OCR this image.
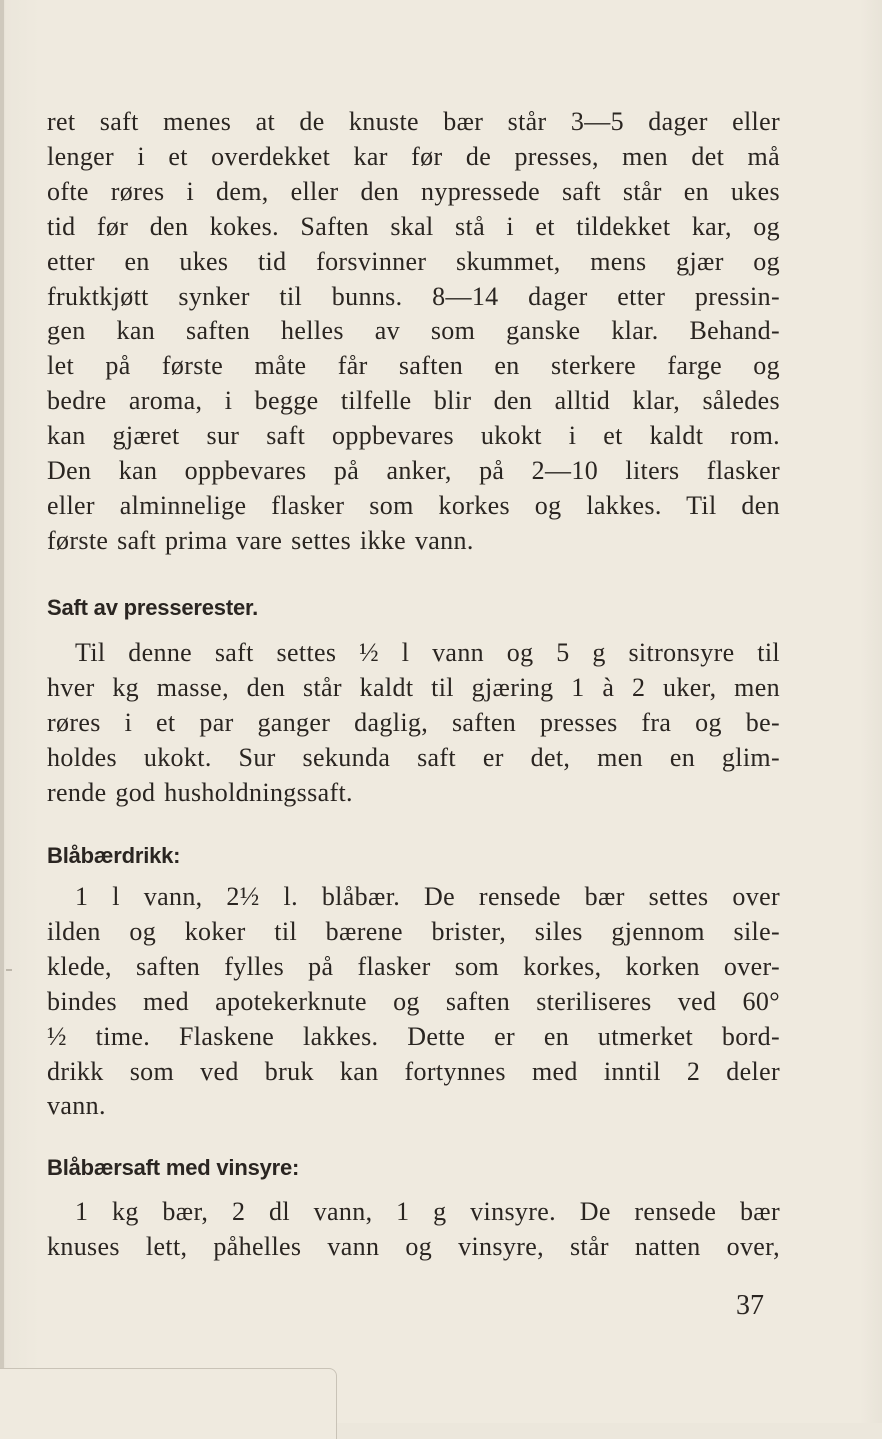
ret saft menes at de knuste bær står 3—5 dager eller
lenger i et overdekket kar før de presses, men det må
ofte røres i dem, eller den nypressede saft står en ukes
tid før den kokes. Saften skal stå i et tildekket kar, og
etter en ukes tid forsvinner skummet, mens gjær og
fruktkjøtt synker til bunns. 8—14 dager etter pressin-
gen kan saften helles av som ganske klar. Behand-
let på første måte får saften en sterkere farge og
bedre aroma, i begge tilfelle blir den alltid klar, således
kan gjæret sur saft oppbevares ukokt i et kaldt rom.
Den kan oppbevares på anker, på 2—10 liters flasker
eller alminnelige flasker som korkes og lakkes. Til den
første saft prima vare settes ikke vann.

Saft av presserester.

Til denne saft settes ½ l vann og 5 g sitronsyre til
hver kg masse, den står kaldt til gjæring 1 à 2 uker, men
røres i et par ganger daglig, saften presses fra og be-
holdes ukokt. Sur sekunda saft er det, men en glim-
rende god husholdningssaft.

Blåbærdrikk:

1 l vann, 2½ l. blåbær. De rensede bær settes over
ilden og koker til bærene brister, siles gjennom sile-
klede, saften fylles på flasker som korkes, korken over-
bindes med apotekerknute og saften steriliseres ved 60°
½ time. Flaskene lakkes. Dette er en utmerket bord-
drikk som ved bruk kan fortynnes med inntil 2 deler
vann.

Blåbærsaft med vinsyre:

1 kg bær, 2 dl vann, 1 g vinsyre. De rensede bær
knuses lett, påhelles vann og vinsyre, står natten over,

37
